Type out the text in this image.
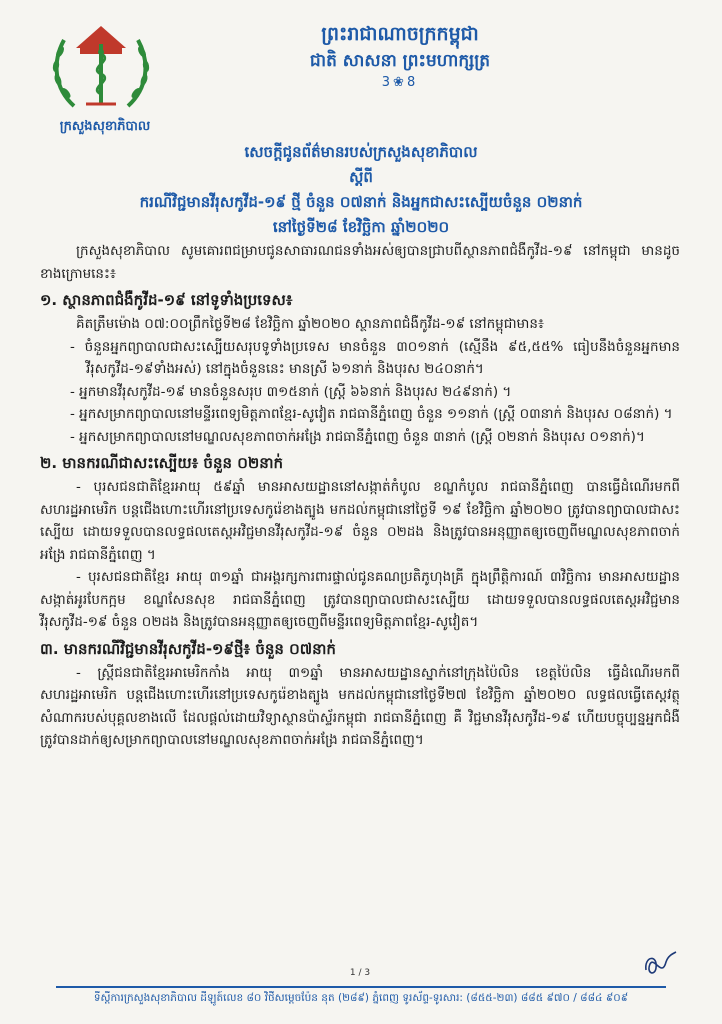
ក្រសួងសុខាភិបាល
ព្រះរាជាណាចក្រកម្ពុជា
ជាតិ សាសនា ព្រះមហាក្សត្រ
3❀8
សេចក្តីជូនព័ត៌មានរបស់ក្រសួងសុខាភិបាល
ស្តីពី
ករណីវិជ្ជមានវីរុសកូវីដ-១៩ ថ្មី ចំនួន ០៧នាក់ និងអ្នកជាសះស្បើយចំនួន ០២នាក់
នៅថ្ងៃទី២៨ ខែវិច្ឆិកា ឆ្នាំ២០២០

ក្រសួងសុខាភិបាល សូមគោរពជម្រាបជូនសាធារណជនទាំងអស់ឲ្យបានជ្រាបពីស្ថានភាពជំងឺកូវីដ-១៩ នៅកម្ពុជា មានដូចខាងក្រោមនេះ៖

១. ស្ថានភាពជំងឺកូវីដ-១៩ នៅទូទាំងប្រទេស៖

គិតត្រឹមម៉ោង ០៧:០០ព្រឹកថ្ងៃទី២៨ ខែវិច្ឆិកា ឆ្នាំ២០២០ ស្ថានភាពជំងឺកូវីដ-១៩ នៅកម្ពុជាមាន៖

- ចំនួនអ្នកព្យាបាលជាសះស្បើយសរុបទូទាំងប្រទេស មានចំនួន ៣០១នាក់ (ស្មើនឹង ៩៥,៥៥% ធៀបនឹងចំនួនអ្នកមានវីរុសកូវីដ-១៩ទាំងអស់) នៅក្នុងចំនួននេះ មានស្រី ៦១នាក់ និងបុរស ២៤០នាក់។

- អ្នកមានវីរុសកូវីដ-១៩ មានចំនួនសរុប ៣១៥នាក់ (ស្ត្រី ៦៦នាក់ និងបុរស ២៤៩នាក់) ។

- អ្នកសម្រាកព្យាបាលនៅមន្ទីរពេទ្យមិត្តភាពខ្មែរ-សូវៀត រាជធានីភ្នំពេញ ចំនួន ១១នាក់ (ស្ត្រី ០៣នាក់ និងបុរស ០៨នាក់) ។

- អ្នកសម្រាកព្យាបាលនៅមណ្ឌលសុខភាពចាក់អង្រែ រាជធានីភ្នំពេញ ចំនួន ៣នាក់ (ស្ត្រី ០២នាក់ និងបុរស ០១នាក់)។

២. មានករណីជាសះស្បើយ៖ ចំនួន ០២នាក់

- បុរសជនជាតិខ្មែរអាយុ ៥៩ឆ្នាំ មានអាសយដ្ឋាននៅសង្កាត់កំបូល ខណ្ឌកំបូល រាជធានីភ្នំពេញ បានធ្វើដំណើរមកពីសហរដ្ឋអាមេរិក បន្តជើងហោះហើរនៅប្រទេសកូរ៉េខាងត្បូង មកដល់កម្ពុជានៅថ្ងៃទី ១៩ ខែវិច្ឆិកា ឆ្នាំ២០២០ ត្រូវបានព្យាបាលជាសះស្បើយ ដោយទទួលបានលទ្ធផលតេស្តអវិជ្ជមានវីរុសកូវីដ-១៩ ចំនួន ០២ដង និងត្រូវបានអនុញ្ញាតឲ្យចេញពីមណ្ឌលសុខភាពចាក់អង្រែ រាជធានីភ្នំពេញ ។

- បុរសជនជាតិខ្មែរ អាយុ ៣១ឆ្នាំ ជាអង្គរក្សការពារផ្ទាល់ជូនគណប្រតិភូហុងគ្រី ក្នុងព្រឹត្តិការណ៍ ៣វិច្ឆិការ មានអាសយដ្ឋាន សង្កាត់អូរបែកក្អម ខណ្ឌសែនសុខ រាជធានីភ្នំពេញ ត្រូវបានព្យាបាលជាសះស្បើយ ដោយទទួលបានលទ្ធផលតេស្តអវិជ្ជមានវីរុសកូវីដ-១៩ ចំនួន ០២ដង និងត្រូវបានអនុញ្ញាតឲ្យចេញពីមន្ទីរពេទ្យមិត្តភាពខ្មែរ-សូវៀត។

៣. មានករណីវិជ្ជមានវីរុសកូវីដ-១៩ថ្មី៖ ចំនួន ០៧នាក់

- ស្ត្រីជនជាតិខ្មែរអាមេរិកកាំង អាយុ ៣១ឆ្នាំ មានអាសយដ្ឋានស្នាក់នៅក្រុងប៉ៃលិន ខេត្តប៉ៃលិន ធ្វើដំណើរមកពីសហរដ្ឋអាមេរិក បន្តជើងហោះហើរនៅប្រទេសកូរ៉េខាងត្បូង មកដល់កម្ពុជានៅថ្ងៃទី២៧ ខែវិច្ឆិកា ឆ្នាំ២០២០ លទ្ធផលធ្វើតេស្តវត្ថុសំណាករបស់បុគ្គលខាងលើ ដែលផ្តល់ដោយវិទ្យាស្ថានប៉ាស្ទ័រកម្ពុជា រាជធានីភ្នំពេញ គឺ វិជ្ជមានវីរុសកូវីដ-១៩ ហើយបច្ចុប្បន្នអ្នកជំងឺត្រូវបានដាក់ឲ្យសម្រាកព្យាបាលនៅមណ្ឌលសុខភាពចាក់អង្រែ រាជធានីភ្នំពេញ។

1 / 3
ទីស្តីការក្រសួងសុខាភិបាល ដីឡូត៍លេខ ៨០ វិថីសម្តេចប៉ែន នុត (២៨៩) ភ្នំពេញ ទូរស័ព្ទ-ទូរសារ: (៨៥៥-២៣) ៨៨៥ ៩៧០ / ៨៨៤ ៩០៩
